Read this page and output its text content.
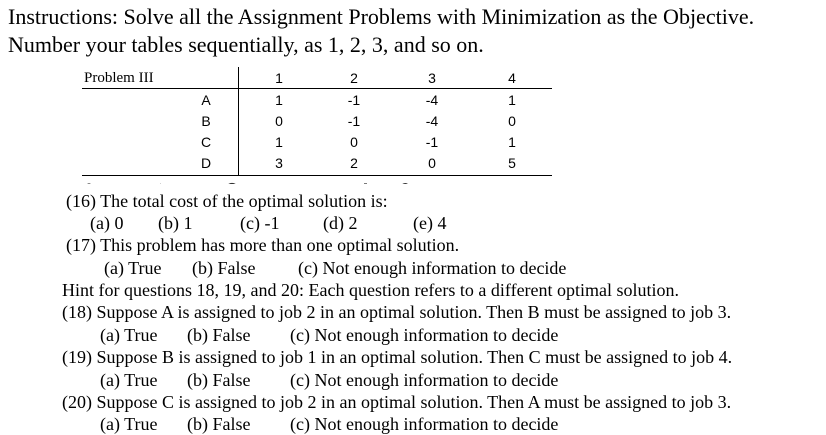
Instructions: Solve all the Assignment Problems with Minimization as the Objective.
Number your tables sequentially, as 1, 2, 3, and so on.
Problem III	1	2	3	4
A	1	-1	-4	1
B	0	-1	-4	0
C	1	0	-1	1
D	3	2	0	5
(16) The total cost of the optimal solution is:
(a) 0 (b) 1	(c) -1 (d) 2	(e) 4
(17) This problem has more than one optimal solution.
(a) True (b) False (c) Not enough information to decide
Hint for questions 18, 19, and 20: Each question refers to a different optimal solution.
(18) Suppose A is assigned to job 2 in an optimal solution. Then B must be assigned to job 3.
(a) True (b) False (c) Not enough information to decide
(19) Suppose B is assigned to job 1 in an optimal solution. Then C must be assigned to job 4.
(a) True (b) False (c) Not enough information to decide
(20) Suppose C is assigned to job 2 in an optimal solution. Then A must be assigned to job 3.
(a) True (b) False (c) Not enough information to decide
